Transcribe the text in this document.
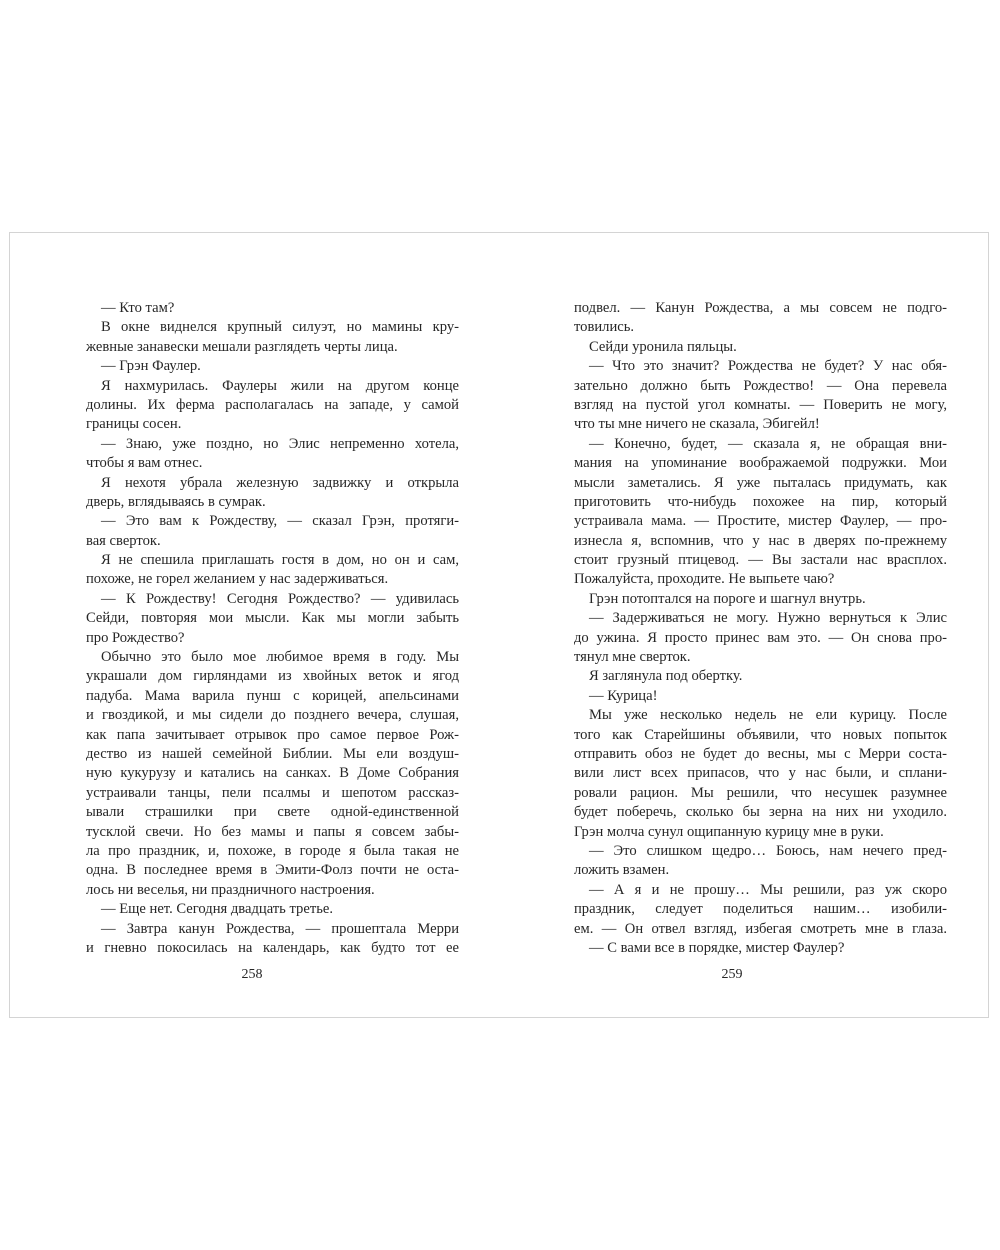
— Кто там?
В окне виднелся крупный силуэт, но мамины кру-
жевные занавески мешали разглядеть черты лица.
— Грэн Фаулер.
Я нахмурилась. Фаулеры жили на другом конце
долины. Их ферма располагалась на западе, у самой
границы сосен.
— Знаю, уже поздно, но Элис непременно хотела,
чтобы я вам отнес.
Я нехотя убрала железную задвижку и открыла
дверь, вглядываясь в сумрак.
— Это вам к Рождеству, — сказал Грэн, протяги-
вая сверток.
Я не спешила приглашать гостя в дом, но он и сам,
похоже, не горел желанием у нас задерживаться.
— К Рождеству! Сегодня Рождество? — удивилась
Сейди, повторяя мои мысли. Как мы могли забыть
про Рождество?
Обычно это было мое любимое время в году. Мы
украшали дом гирляндами из хвойных веток и ягод
падуба. Мама варила пунш с корицей, апельсинами
и гвоздикой, и мы сидели до позднего вечера, слушая,
как папа зачитывает отрывок про самое первое Рож-
дество из нашей семейной Библии. Мы ели воздуш-
ную кукурузу и катались на санках. В Доме Собрания
устраивали танцы, пели псалмы и шепотом рассказ-
ывали страшилки при свете одной-единственной
тусклой свечи. Но без мамы и папы я совсем забы-
ла про праздник, и, похоже, в городе я была такая не
одна. В последнее время в Эмити-Фолз почти не оста-
лось ни веселья, ни праздничного настроения.
— Еще нет. Сегодня двадцать третье.
— Завтра канун Рождества, — прошептала Мерри
и гневно покосилась на календарь, как будто тот ее
258
подвел. — Канун Рождества, а мы совсем не подго-
товились.
Сейди уронила пяльцы.
— Что это значит? Рождества не будет? У нас обя-
зательно должно быть Рождество! — Она перевела
взгляд на пустой угол комнаты. — Поверить не могу,
что ты мне ничего не сказала, Эбигейл!
— Конечно, будет, — сказала я, не обращая вни-
мания на упоминание воображаемой подружки. Мои
мысли заметались. Я уже пыталась придумать, как
приготовить что-нибудь похожее на пир, который
устраивала мама. — Простите, мистер Фаулер, — про-
изнесла я, вспомнив, что у нас в дверях по-прежнему
стоит грузный птицевод. — Вы застали нас врасплох.
Пожалуйста, проходите. Не выпьете чаю?
Грэн потоптался на пороге и шагнул внутрь.
— Задерживаться не могу. Нужно вернуться к Элис
до ужина. Я просто принес вам это. — Он снова про-
тянул мне сверток.
Я заглянула под обертку.
— Курица!
Мы уже несколько недель не ели курицу. После
того как Старейшины объявили, что новых попыток
отправить обоз не будет до весны, мы с Мерри соста-
вили лист всех припасов, что у нас были, и сплани-
ровали рацион. Мы решили, что несушек разумнее
будет поберечь, сколько бы зерна на них ни уходило.
Грэн молча сунул ощипанную курицу мне в руки.
— Это слишком щедро… Боюсь, нам нечего пред-
ложить взамен.
— А я и не прошу… Мы решили, раз уж скоро
праздник, следует поделиться нашим… изобили-
ем. — Он отвел взгляд, избегая смотреть мне в глаза.
— С вами все в порядке, мистер Фаулер?
259
